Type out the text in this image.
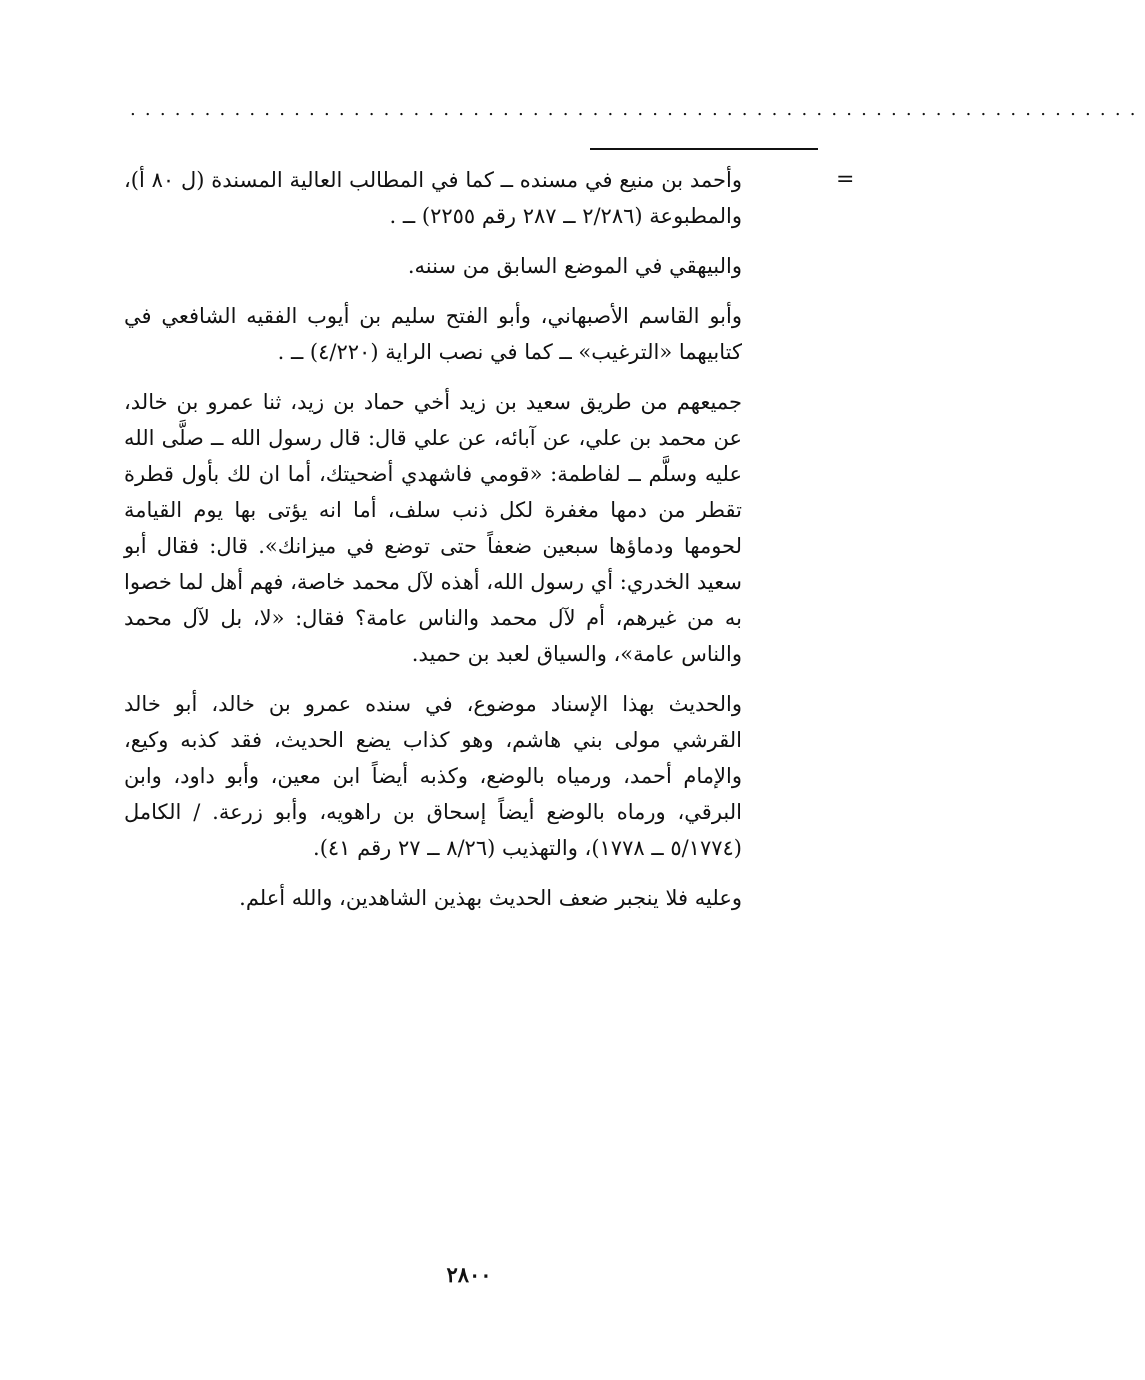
....................................................................
=

وأحمد بن منيع في مسنده ــ كما في المطالب العالية المسندة (ل ٨٠ أ)، والمطبوعة (٢/٢٨٦ ــ ٢٨٧ رقم ٢٢٥٥) ــ .

والبيهقي في الموضع السابق من سننه.

وأبو القاسم الأصبهاني، وأبو الفتح سليم بن أيوب الفقيه الشافعي في كتابيهما «الترغيب» ــ كما في نصب الراية (٤/٢٢٠) ــ .

جميعهم من طريق سعيد بن زيد أخي حماد بن زيد، ثنا عمرو بن خالد، عن محمد بن علي، عن آبائه، عن علي قال: قال رسول الله ــ صلَّى الله عليه وسلَّم ــ لفاطمة: «قومي فاشهدي أضحيتك، أما ان لك بأول قطرة تقطر من دمها مغفرة لكل ذنب سلف، أما انه يؤتى بها يوم القيامة لحومها ودماؤها سبعين ضعفاً حتى توضع في ميزانك». قال: فقال أبو سعيد الخدري: أي رسول الله، أهذه لآل محمد خاصة، فهم أهل لما خصوا به من غيرهم، أم لآل محمد والناس عامة؟ فقال: «لا، بل لآل محمد والناس عامة»، والسياق لعبد بن حميد.

والحديث بهذا الإسناد موضوع، في سنده عمرو بن خالد، أبو خالد القرشي مولى بني هاشم، وهو كذاب يضع الحديث، فقد كذبه وكيع، والإمام أحمد، ورمياه بالوضع، وكذبه أيضاً ابن معين، وأبو داود، وابن البرقي، ورماه بالوضع أيضاً إسحاق بن راهويه، وأبو زرعة. / الكامل (٥/١٧٧٤ ــ ١٧٧٨)، والتهذيب (٨/٢٦ ــ ٢٧ رقم ٤١).

وعليه فلا ينجبر ضعف الحديث بهذين الشاهدين، والله أعلم.

٢٨٠٠
